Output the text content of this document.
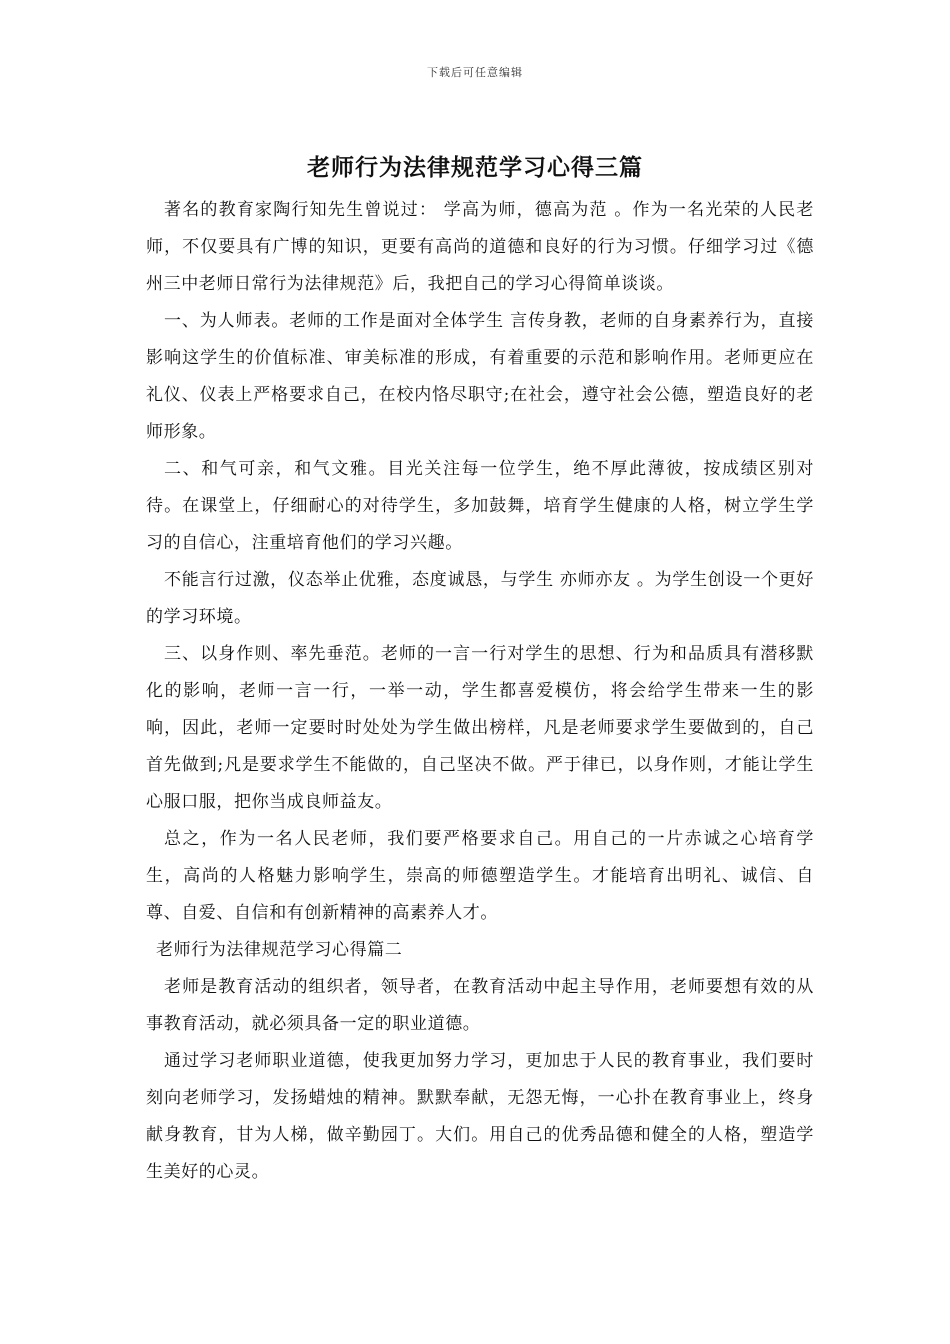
下载后可任意编辑
老师行为法律规范学习心得三篇

著名的教育家陶行知先生曾说过： 学高为师，德高为范 。作为一名光荣的人民老师，不仅要具有广博的知识，更要有高尚的道德和良好的行为习惯。仔细学习过《德州三中老师日常行为法律规范》后，我把自己的学习心得简单谈谈。

一、为人师表。老师的工作是面对全体学生 言传身教，老师的自身素养行为，直接影响这学生的价值标准、审美标准的形成，有着重要的示范和影响作用。老师更应在礼仪、仪表上严格要求自己，在校内恪尽职守;在社会，遵守社会公德，塑造良好的老师形象。

二、和气可亲，和气文雅。目光关注每一位学生，绝不厚此薄彼，按成绩区别对待。在课堂上，仔细耐心的对待学生，多加鼓舞，培育学生健康的人格，树立学生学习的自信心，注重培育他们的学习兴趣。

不能言行过激，仪态举止优雅，态度诚恳，与学生 亦师亦友 。为学生创设一个更好的学习环境。

三、以身作则、率先垂范。老师的一言一行对学生的思想、行为和品质具有潜移默化的影响，老师一言一行，一举一动，学生都喜爱模仿，将会给学生带来一生的影响，因此，老师一定要时时处处为学生做出榜样，凡是老师要求学生要做到的，自己首先做到;凡是要求学生不能做的，自己坚决不做。严于律已，以身作则，才能让学生心服口服，把你当成良师益友。

总之，作为一名人民老师，我们要严格要求自己。用自己的一片赤诚之心培育学生，高尚的人格魅力影响学生，崇高的师德塑造学生。才能培育出明礼、诚信、自尊、自爱、自信和有创新精神的高素养人才。

老师行为法律规范学习心得篇二

老师是教育活动的组织者，领导者，在教育活动中起主导作用，老师要想有效的从事教育活动，就必须具备一定的职业道德。

通过学习老师职业道德，使我更加努力学习，更加忠于人民的教育事业，我们要时刻向老师学习，发扬蜡烛的精神。默默奉献，无怨无悔，一心扑在教育事业上，终身献身教育，甘为人梯，做辛勤园丁。大们。用自己的优秀品德和健全的人格，塑造学生美好的心灵。
